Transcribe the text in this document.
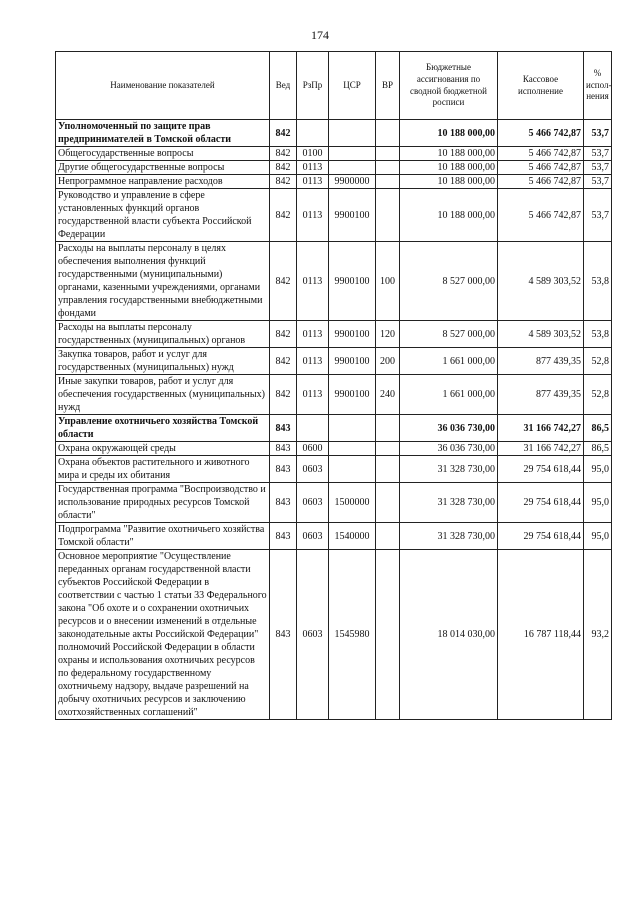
174
Наименование показателей	Вед	РзПр	ЦСР	ВР	Бюджетные ассигнования по сводной бюджетной росписи	Кассовое исполнение	% испол-нения
Уполномоченный по защите прав предпринимателей в Томской области	842				10 188 000,00	5 466 742,87	53,7
Общегосударственные вопросы	842	0100			10 188 000,00	5 466 742,87	53,7
Другие общегосударственные вопросы	842	0113			10 188 000,00	5 466 742,87	53,7
Непрограммное направление расходов	842	0113	9900000		10 188 000,00	5 466 742,87	53,7
Руководство и управление в сфере установленных функций органов государственной власти субъекта Российской Федерации	842	0113	9900100		10 188 000,00	5 466 742,87	53,7
Расходы на выплаты персоналу в целях обеспечения выполнения функций государственными (муниципальными) органами, казенными учреждениями, органами управления государственными внебюджетными фондами	842	0113	9900100	100	8 527 000,00	4 589 303,52	53,8
Расходы на выплаты персоналу государственных (муниципальных) органов	842	0113	9900100	120	8 527 000,00	4 589 303,52	53,8
Закупка товаров, работ и услуг для государственных (муниципальных) нужд	842	0113	9900100	200	1 661 000,00	877 439,35	52,8
Иные закупки товаров, работ и услуг для обеспечения государственных (муниципальных) нужд	842	0113	9900100	240	1 661 000,00	877 439,35	52,8
Управление охотничьего хозяйства Томской области	843				36 036 730,00	31 166 742,27	86,5
Охрана окружающей среды	843	0600			36 036 730,00	31 166 742,27	86,5
Охрана объектов растительного и животного мира и среды их обитания	843	0603			31 328 730,00	29 754 618,44	95,0
Государственная программа "Воспроизводство и использование природных ресурсов Томской области"	843	0603	1500000		31 328 730,00	29 754 618,44	95,0
Подпрограмма "Развитие охотничьего хозяйства Томской области"	843	0603	1540000		31 328 730,00	29 754 618,44	95,0
Основное мероприятие "Осуществление переданных органам государственной власти субъектов Российской Федерации в соответствии с частью 1 статьи 33 Федерального закона "Об охоте и о сохранении охотничьих ресурсов и о внесении изменений в отдельные законодательные акты Российской Федерации" полномочий Российской Федерации в области охраны и использования охотничьих ресурсов по федеральному государственному охотничьему надзору, выдаче разрешений на добычу охотничьих ресурсов и заключению охотхозяйственных соглашений"	843	0603	1545980		18 014 030,00	16 787 118,44	93,2
